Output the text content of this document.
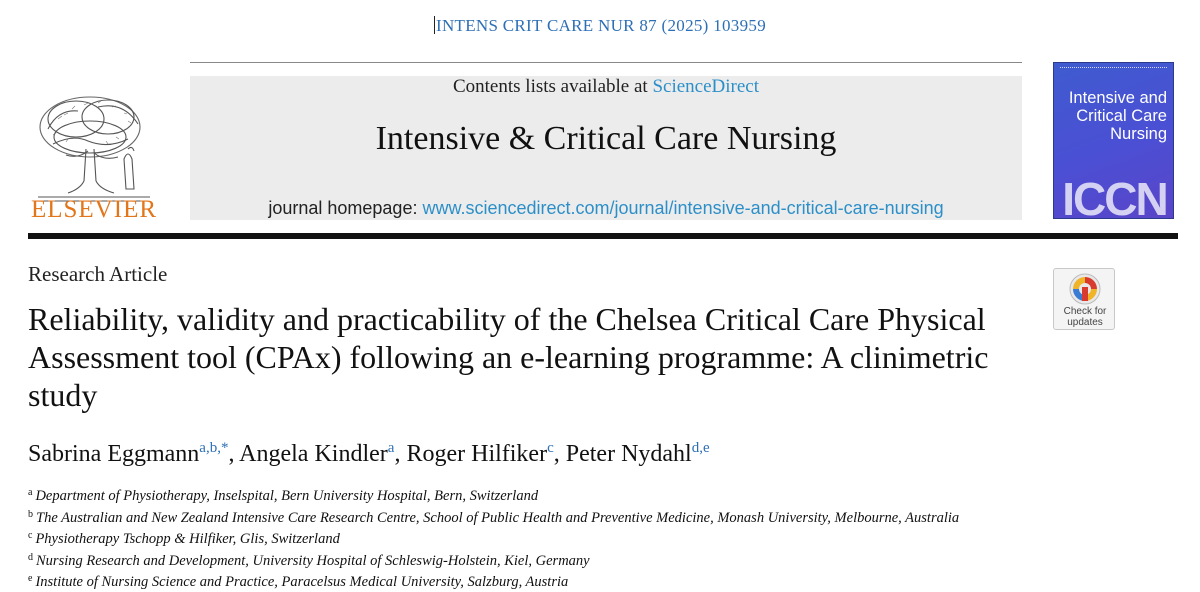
INTENS CRIT CARE NUR 87 (2025) 103959
ELSEVIER
Contents lists available at ScienceDirect
Intensive & Critical Care Nursing
journal homepage: www.sciencedirect.com/journal/intensive-and-critical-care-nursing
Intensive and
Critical Care
Nursing
ICCN
Research Article
Check for
updates
Reliability, validity and practicability of the Chelsea Critical Care Physical Assessment tool (CPAx) following an e-learning programme: A clinimetric study
Sabrina Eggmann$^{a,b,*}$, Angela Kindler$^a$, Roger Hilfiker$^c$, Peter Nydahl$^{d,e}$
$^a$ Department of Physiotherapy, Inselspital, Bern University Hospital, Bern, Switzerland
$^b$ The Australian and New Zealand Intensive Care Research Centre, School of Public Health and Preventive Medicine, Monash University, Melbourne, Australia
$^c$ Physiotherapy Tschopp & Hilfiker, Glis, Switzerland
$^d$ Nursing Research and Development, University Hospital of Schleswig-Holstein, Kiel, Germany
$^e$ Institute of Nursing Science and Practice, Paracelsus Medical University, Salzburg, Austria
